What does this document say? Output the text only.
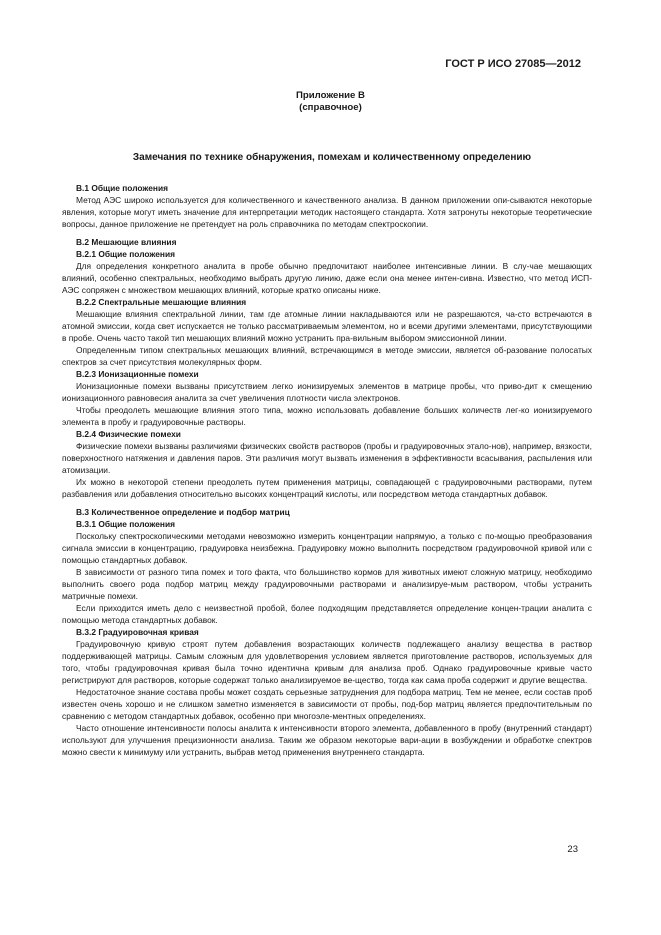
ГОСТ Р ИСО 27085—2012
Приложение В
(справочное)
Замечания по технике обнаружения, помехам и количественному определению
В.1 Общие положения

Метод АЭС широко используется для количественного и качественного анализа. В данном приложении опи-сываются некоторые явления, которые могут иметь значение для интерпретации методик настоящего стандарта. Хотя затронуты некоторые теоретические вопросы, данное приложение не претендует на роль справочника по методам спектроскопии.

В.2 Мешающие влияния
В.2.1 Общие положения

Для определения конкретного аналита в пробе обычно предпочитают наиболее интенсивные линии. В слу-чае мешающих влияний, особенно спектральных, необходимо выбрать другую линию, даже если она менее интен-сивна. Известно, что метод ИСП-АЭС сопряжен с множеством мешающих влияний, которые кратко описаны ниже.

В.2.2 Спектральные мешающие влияния

Мешающие влияния спектральной линии, там где атомные линии накладываются или не разрешаются, ча-сто встречаются в атомной эмиссии, когда свет испускается не только рассматриваемым элементом, но и всеми другими элементами, присутствующими в пробе. Очень часто такой тип мешающих влияний можно устранить пра-вильным выбором эмиссионной линии.

Определенным типом спектральных мешающих влияний, встречающимся в методе эмиссии, является об-разование полосатых спектров за счет присутствия молекулярных форм.

В.2.3 Ионизационные помехи

Ионизационные помехи вызваны присутствием легко ионизируемых элементов в матрице пробы, что приво-дит к смещению ионизационного равновесия аналита за счет увеличения плотности числа электронов.

Чтобы преодолеть мешающие влияния этого типа, можно использовать добавление больших количеств лег-ко ионизируемого элемента в пробу и градуировочные растворы.

В.2.4 Физические помехи

Физические помехи вызваны различиями физических свойств растворов (пробы и градуировочных этало-нов), например, вязкости, поверхностного натяжения и давления паров. Эти различия могут вызвать изменения в эффективности всасывания, распыления или атомизации.

Их можно в некоторой степени преодолеть путем применения матрицы, совпадающей с градуировочными растворами, путем разбавления или добавления относительно высоких концентраций кислоты, или посредством метода стандартных добавок.

В.3 Количественное определение и подбор матриц
В.3.1 Общие положения

Поскольку спектроскопическими методами невозможно измерить концентрации напрямую, а только с по-мощью преобразования сигнала эмиссии в концентрацию, градуировка неизбежна. Градуировку можно выполнить посредством градуировочной кривой или с помощью стандартных добавок.

В зависимости от разного типа помех и того факта, что большинство кормов для животных имеют сложную матрицу, необходимо выполнить своего рода подбор матриц между градуировочными растворами и анализируе-мым раствором, чтобы устранить матричные помехи.

Если приходится иметь дело с неизвестной пробой, более подходящим представляется определение концен-трации аналита с помощью метода стандартных добавок.

В.3.2 Градуировочная кривая

Градуировочную кривую строят путем добавления возрастающих количеств подлежащего анализу вещества в раствор поддерживающей матрицы. Самым сложным для удовлетворения условием является приготовление растворов, используемых для того, чтобы градуировочная кривая была точно идентична кривым для анализа проб. Однако градуировочные кривые часто регистрируют для растворов, которые содержат только анализируемое ве-щество, тогда как сама проба содержит и другие вещества.

Недостаточное знание состава пробы может создать серьезные затруднения для подбора матриц. Тем не менее, если состав проб известен очень хорошо и не слишком заметно изменяется в зависимости от пробы, под-бор матриц является предпочтительным по сравнению с методом стандартных добавок, особенно при многоэле-ментных определениях.

Часто отношение интенсивности полосы аналита к интенсивности второго элемента, добавленного в пробу (внутренний стандарт) используют для улучшения прецизионности анализа. Таким же образом некоторые вари-ации в возбуждении и обработке спектров можно свести к минимуму или устранить, выбрав метод применения внутреннего стандарта.

23
